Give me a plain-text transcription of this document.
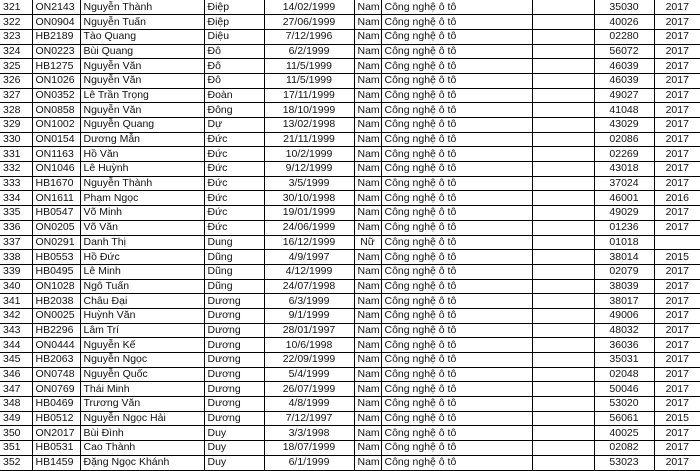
321	ON2143	Nguyễn Thành	Điệp	14/02/1999	Nam	Công nghệ ô tô		35030	2017
322	ON0904	Nguyễn Tuấn	Điệp	27/06/1999	Nam	Công nghệ ô tô		40026	2017
323	HB2189	Tào Quang	Diệu	7/12/1996	Nam	Công nghệ ô tô		02280	2017
324	ON0223	Bùi Quang	Đô	6/2/1999	Nam	Công nghệ ô tô		56072	2017
325	HB1275	Nguyễn Văn	Đô	11/5/1999	Nam	Công nghệ ô tô		46039	2017
326	ON1026	Nguyễn Văn	Đô	11/5/1999	Nam	Công nghệ ô tô		46039	2017
327	ON0352	Lê Trần Trọng	Đoàn	17/11/1999	Nam	Công nghệ ô tô		49027	2017
328	ON0858	Nguyễn Văn	Đông	18/10/1999	Nam	Công nghệ ô tô		41048	2017
329	ON1002	Nguyễn Quang	Dự	13/02/1998	Nam	Công nghệ ô tô		43029	2017
330	ON0154	Dương Mẫn	Đức	21/11/1999	Nam	Công nghệ ô tô		02086	2017
331	ON1163	Hồ Văn	Đức	10/2/1999	Nam	Công nghệ ô tô		02269	2017
332	ON1046	Lê Huỳnh	Đức	9/12/1999	Nam	Công nghệ ô tô		43018	2017
333	HB1670	Nguyễn Thành	Đức	3/5/1999	Nam	Công nghệ ô tô		37024	2017
334	ON1611	Phạm Ngọc	Đức	30/10/1998	Nam	Công nghệ ô tô		46001	2016
335	HB0547	Võ Minh	Đức	19/01/1999	Nam	Công nghệ ô tô		49029	2017
336	ON0205	Võ Văn	Đức	24/06/1999	Nam	Công nghệ ô tô		01236	2017
337	ON0291	Danh Thị	Dung	16/12/1999	Nữ	Công nghệ ô tô		01018	
338	HB0553	Hồ Đức	Dũng	4/9/1997	Nam	Công nghệ ô tô		38014	2015
339	HB0495	Lê Minh	Dũng	4/12/1999	Nam	Công nghệ ô tô		02079	2017
340	ON1028	Ngô Tuấn	Dũng	24/07/1998	Nam	Công nghệ ô tô		38039	2017
341	HB2038	Châu Đại	Dương	6/3/1999	Nam	Công nghệ ô tô		38017	2017
342	ON0025	Huỳnh Văn	Dương	9/1/1999	Nam	Công nghệ ô tô		49006	2017
343	HB2296	Lâm Trí	Dương	28/01/1997	Nam	Công nghệ ô tô		48032	2017
344	ON0444	Nguyễn Kế	Dương	10/6/1998	Nam	Công nghệ ô tô		36036	2017
345	HB2063	Nguyễn Ngọc	Dương	22/09/1999	Nam	Công nghệ ô tô		35031	2017
346	ON0748	Nguyễn Quốc	Dương	5/4/1999	Nam	Công nghệ ô tô		02048	2017
347	ON0769	Thái Minh	Dương	26/07/1999	Nam	Công nghệ ô tô		50046	2017
348	HB0469	Trương Văn	Dương	4/8/1999	Nam	Công nghệ ô tô		53020	2017
349	HB0512	Nguyễn Ngọc Hải	Dương	7/12/1997	Nam	Công nghệ ô tô		56061	2015
350	ON2017	Bùi Đình	Duy	3/3/1998	Nam	Công nghệ ô tô		40025	2017
351	HB0531	Cao Thành	Duy	18/07/1999	Nam	Công nghệ ô tô		02082	2017
352	HB1459	Đặng Ngọc Khánh	Duy	6/1/1999	Nam	Công nghệ ô tô		53023	2017
